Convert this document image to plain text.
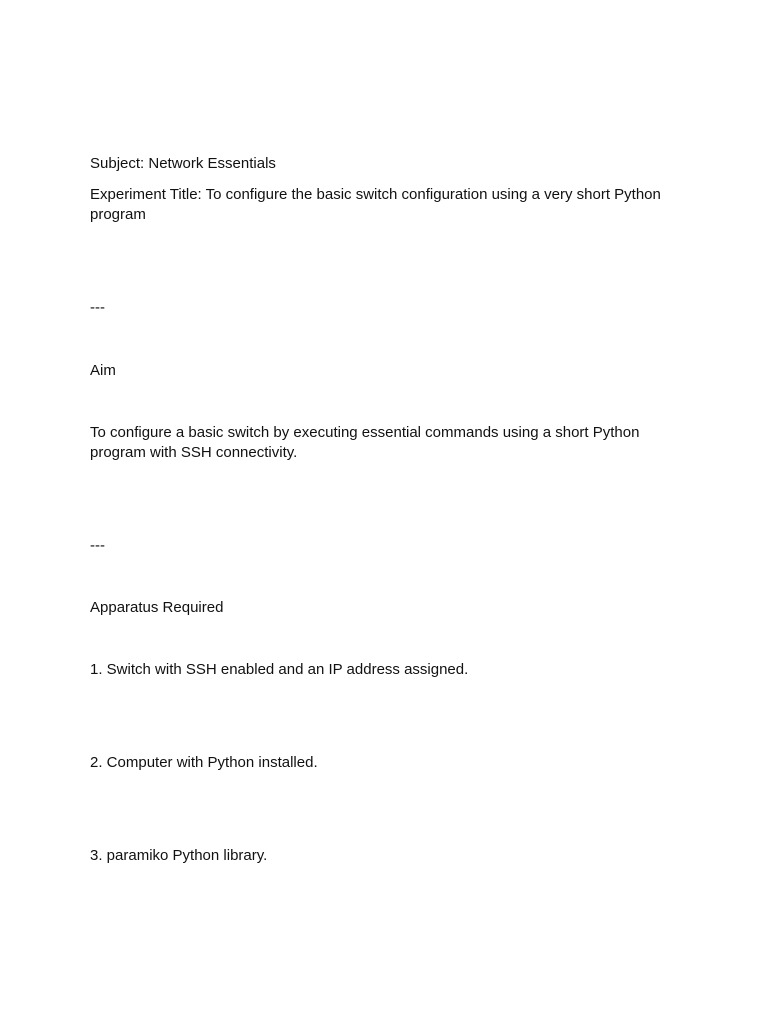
Subject: Network Essentials
Experiment Title: To configure the basic switch configuration using a very short Python program
---
Aim
To configure a basic switch by executing essential commands using a short Python program with SSH connectivity.
---
Apparatus Required
1. Switch with SSH enabled and an IP address assigned.
2. Computer with Python installed.
3. paramiko Python library.
